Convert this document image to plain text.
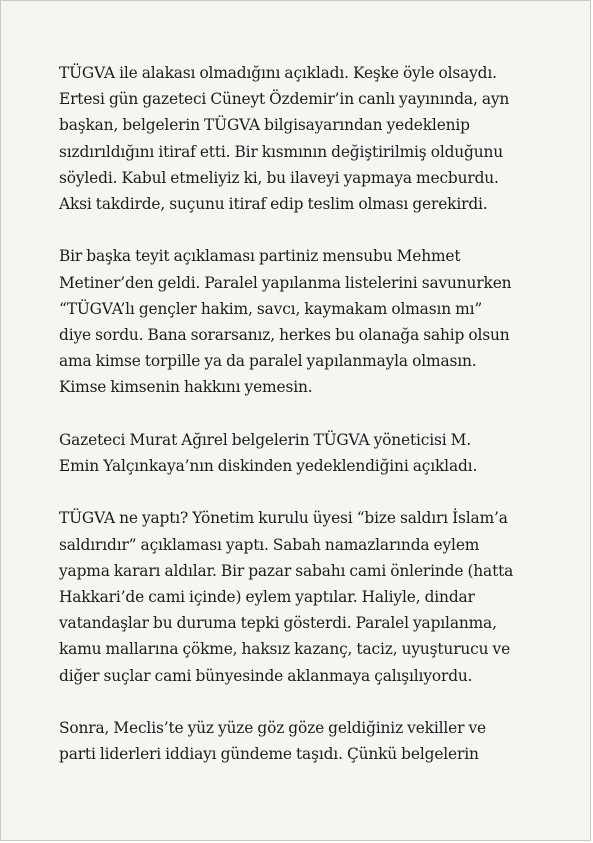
TÜGVA ile alakası olmadığını açıkladı. Keşke öyle olsaydı.
Ertesi gün gazeteci Cüneyt Özdemir’in canlı yayınında, ayn
başkan, belgelerin TÜGVA bilgisayarından yedeklenip
sızdırıldığını itiraf etti. Bir kısmının değiştirilmiş olduğunu
söyledi. Kabul etmeliyiz ki, bu ilaveyi yapmaya mecburdu.
Aksi takdirde, suçunu itiraf edip teslim olması gerekirdi.

Bir başka teyit açıklaması partiniz mensubu Mehmet
Metiner’den geldi. Paralel yapılanma listelerini savunurken
“TÜGVA’lı gençler hakim, savcı, kaymakam olmasın mı”
diye sordu. Bana sorarsanız, herkes bu olanağa sahip olsun
ama kimse torpille ya da paralel yapılanmayla olmasın.
Kimse kimsenin hakkını yemesin.

Gazeteci Murat Ağırel belgelerin TÜGVA yöneticisi M.
Emin Yalçınkaya’nın diskinden yedeklendiğini açıkladı.

TÜGVA ne yaptı? Yönetim kurulu üyesi “bize saldırı İslam’a
saldırıdır” açıklaması yaptı. Sabah namazlarında eylem
yapma kararı aldılar. Bir pazar sabahı cami önlerinde (hatta
Hakkari’de cami içinde) eylem yaptılar. Haliyle, dindar
vatandaşlar bu duruma tepki gösterdi. Paralel yapılanma,
kamu mallarına çökme, haksız kazanç, taciz, uyuşturucu ve
diğer suçlar cami bünyesinde aklanmaya çalışılıyordu.

Sonra, Meclis’te yüz yüze göz göze geldiğiniz vekiller ve
parti liderleri iddiayı gündeme taşıdı. Çünkü belgelerin
